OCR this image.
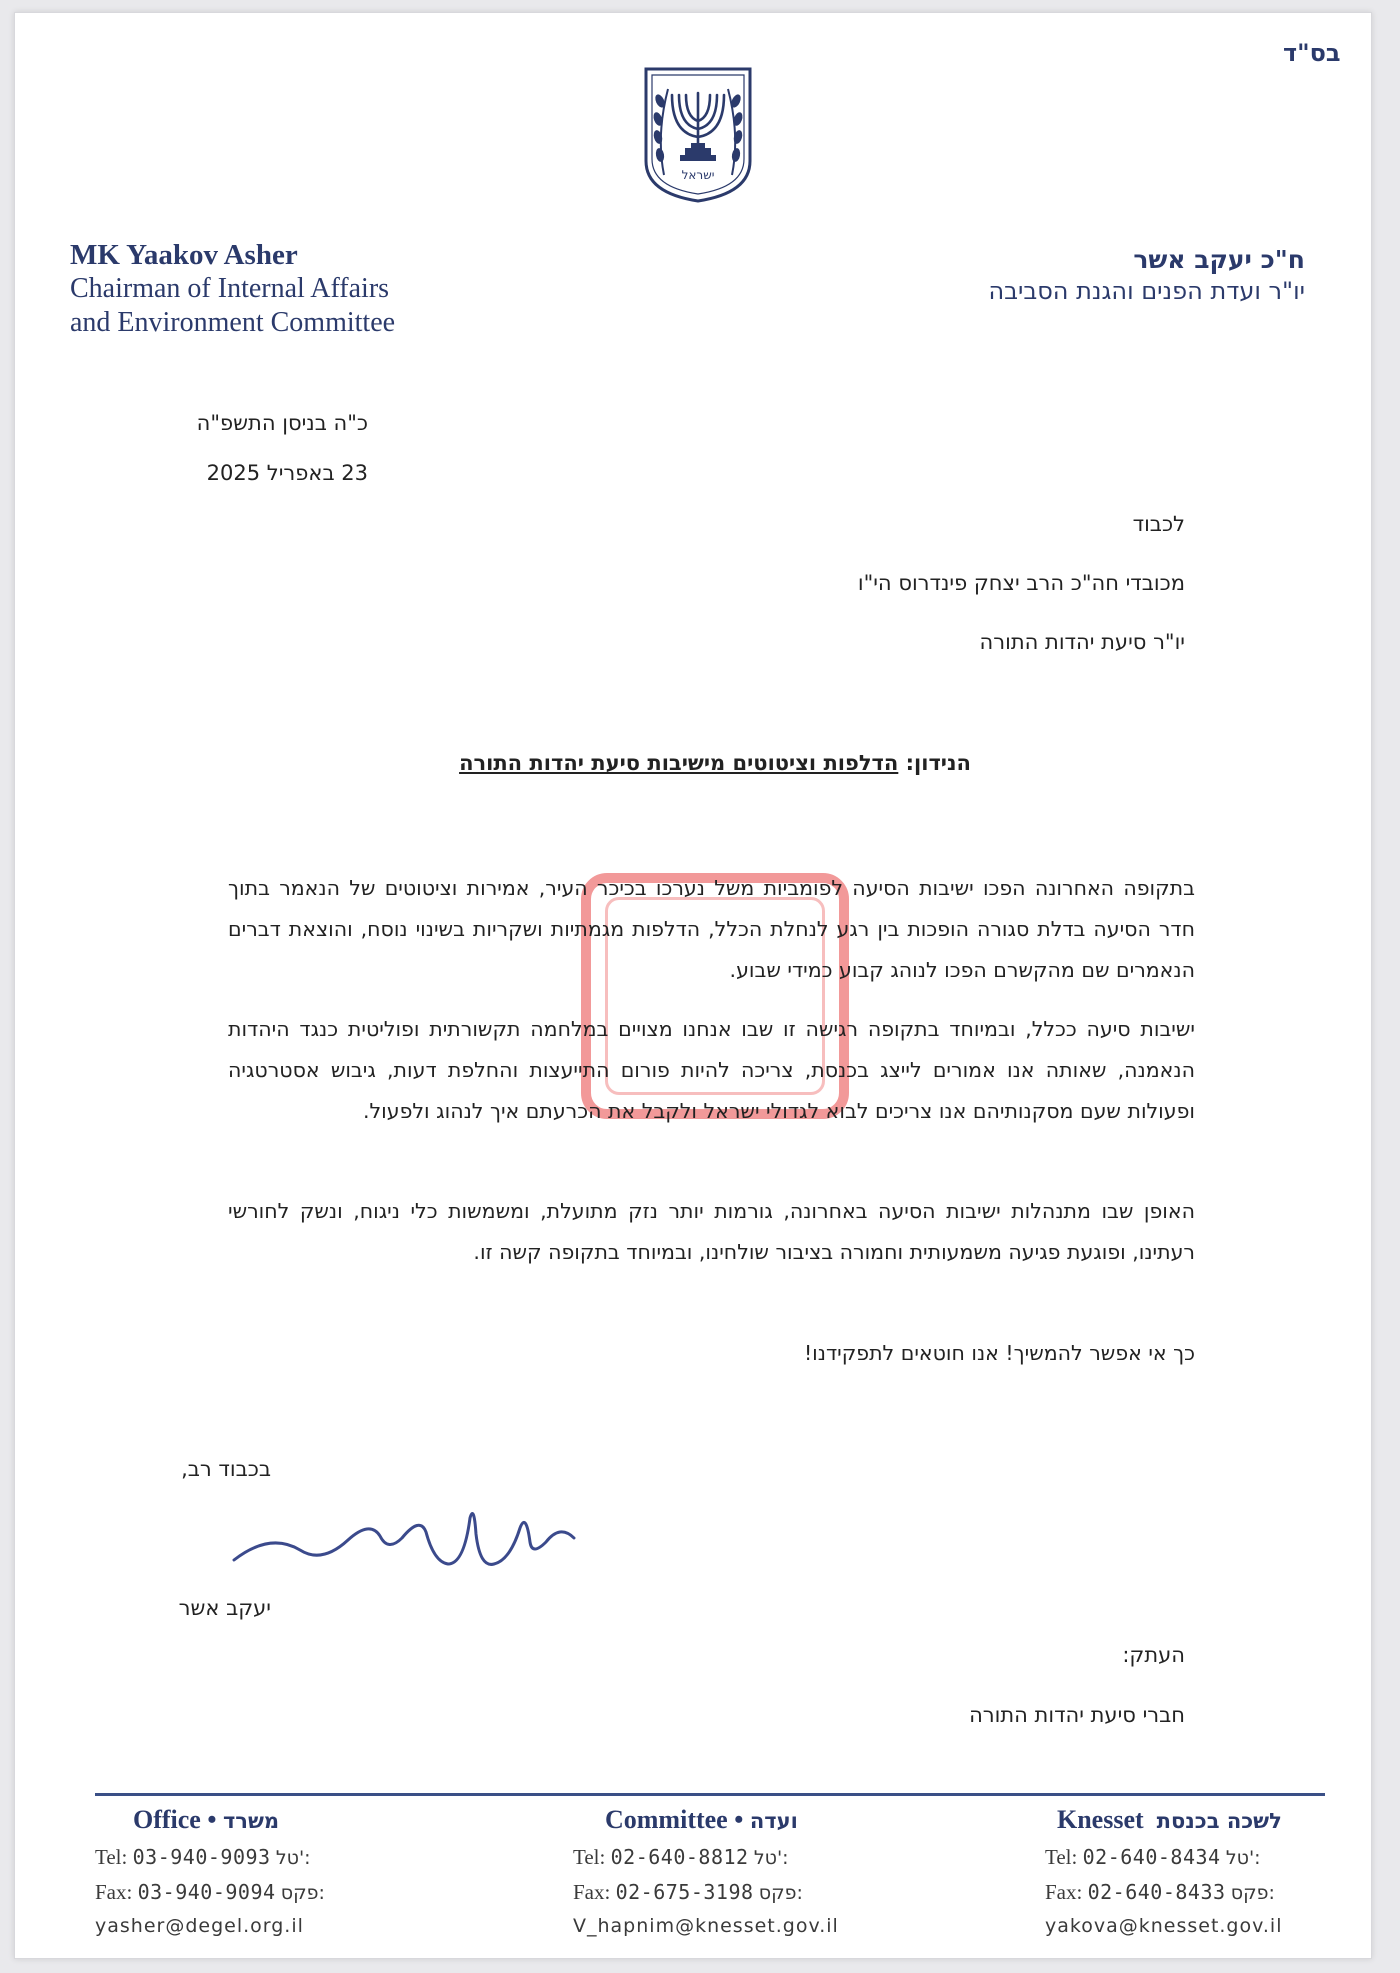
בס"ד
ישראל
MK Yaakov Asher
Chairman of Internal Affairs
and Environment Committee
ח"כ יעקב אשר
יו"ר ועדת הפנים והגנת הסביבה
כ"ה בניסן התשפ"ה
23 באפריל 2025
לכבוד
מכובדי חה"כ הרב יצחק פינדרוס הי"ו
יו"ר סיעת יהדות התורה
הנידון: הדלפות וציטוטים מישיבות סיעת יהדות התורה
בתקופה האחרונה הפכו ישיבות הסיעה לפומביות משל נערכו בכיכר העיר, אמירות וציטוטים של הנאמר בתוך חדר הסיעה בדלת סגורה הופכות בין רגע לנחלת הכלל, הדלפות מגמתיות ושקריות בשינוי נוסח, והוצאת דברים הנאמרים שם מהקשרם הפכו לנוהג קבוע כמידי שבוע.
ישיבות סיעה ככלל, ובמיוחד בתקופה רגישה זו שבו אנחנו מצויים במלחמה תקשורתית ופוליטית כנגד היהדות הנאמנה, שאותה אנו אמורים לייצג בכנסת, צריכה להיות פורום התייעצות והחלפת דעות, גיבוש אסטרטגיה ופעולות שעם מסקנותיהם אנו צריכים לבוא לגדולי ישראל ולקבל את הכרעתם איך לנהוג ולפעול.
האופן שבו מתנהלות ישיבות הסיעה באחרונה, גורמות יותר נזק מתועלת, ומשמשות כלי ניגוח, ונשק לחורשי רעתינו, ופוגעת פגיעה משמעותית וחמורה בציבור שולחינו, ובמיוחד בתקופה קשה זו.
כך אי אפשר להמשיך! אנו חוטאים לתפקידנו!
בכבוד רב,
יעקב אשר
העתק:
חברי סיעת יהדות התורה
Office • משרד
Tel: 03-940-9093 טל':
Fax: 03-940-9094 פקס:
yasher@degel.org.il
Committee • ועדה
Tel: 02-640-8812 טל':
Fax: 02-675-3198 פקס:
V_hapnim@knesset.gov.il
Knesset לשכה בכנסת
Tel: 02-640-8434 טל':
Fax: 02-640-8433 פקס:
yakova@knesset.gov.il
